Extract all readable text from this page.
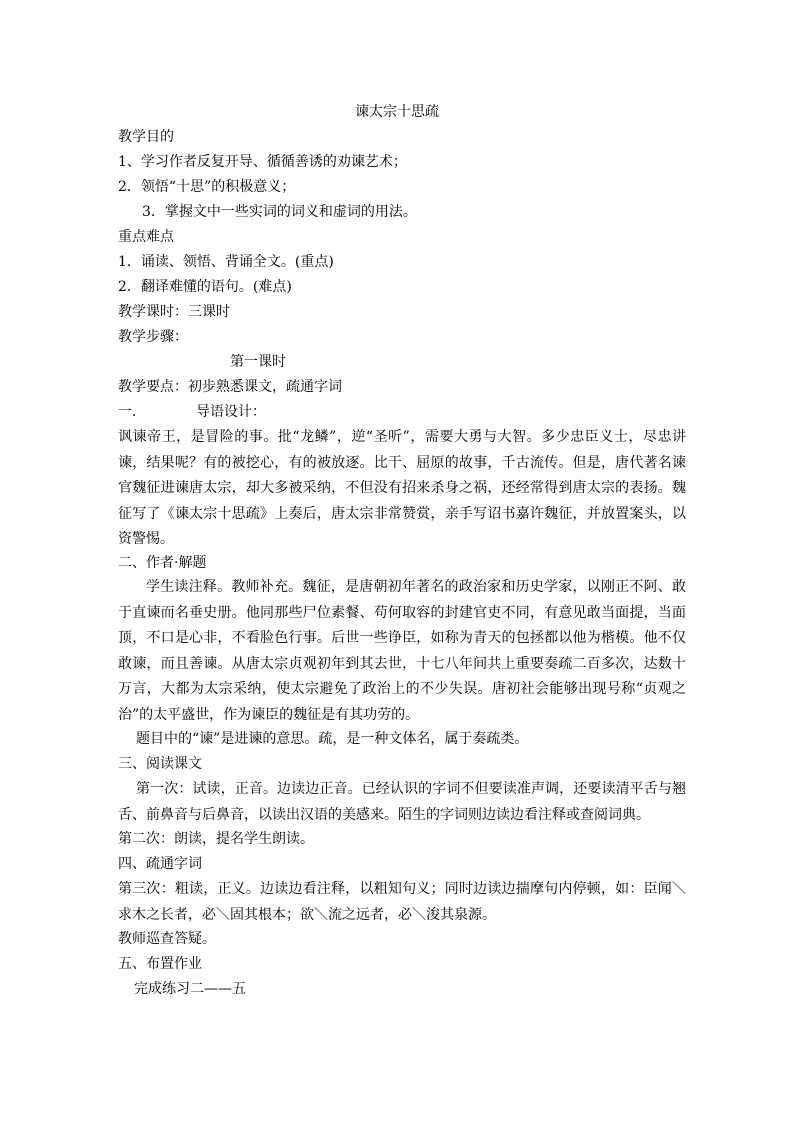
谏太宗十思疏
教学目的
1、学习作者反复开导、循循善诱的劝谏艺术；
2．领悟“十思”的积极意义；
3．掌握文中一些实词的词义和虚词的用法。
重点难点
1．诵读、领悟、背诵全文。(重点)
2．翻译难懂的语句。(难点)
教学课时：三课时
教学步骤：
第一课时
教学要点：初步熟悉课文，疏通字词
一．	导语设计：
讽谏帝王，是冒险的事。批“龙鳞”，逆“圣听”，需要大勇与大智。多少忠臣义士，尽忠讲谏，结果呢？有的被挖心，有的被放逐。比干、屈原的故事，千古流传。但是，唐代著名谏官魏征进谏唐太宗，却大多被采纳，不但没有招来杀身之祸，还经常得到唐太宗的表扬。魏征写了《谏太宗十思疏》上奏后，唐太宗非常赞赏，亲手写诏书嘉许魏征，并放置案头，以资警惕。
二、作者·解题
学生读注释。教师补充。魏征，是唐朝初年著名的政治家和历史学家，以刚正不阿、敢于直谏而名垂史册。他同那些尸位素餐、苟何取容的封建官吏不同，有意见敢当面提，当面顶，不口是心非，不看脸色行事。后世一些诤臣，如称为青天的包拯都以他为楷模。他不仅敢谏，而且善谏。从唐太宗贞观初年到其去世，十七八年间共上重要奏疏二百多次，达数十万言，大都为太宗采纳，使太宗避免了政治上的不少失误。唐初社会能够出现号称“贞观之治”的太平盛世，作为谏臣的魏征是有其功劳的。
题目中的“谏”是进谏的意思。疏，是一种文体名，属于奏疏类。
三、阅读课文
第一次：试读，正音。边读边正音。已经认识的字词不但要读准声调，还要读清平舌与翘舌、前鼻音与后鼻音，以读出汉语的美感来。陌生的字词则边读边看注释或查阅词典。
第二次：朗读，提名学生朗读。
四、疏通字词
第三次：粗读，正义。边读边看注释，以粗知句义；同时边读边揣摩句内停顿，如：臣闻＼求木之长者，必＼固其根本；欲＼流之远者，必＼浚其泉源。
教师巡查答疑。
五、布置作业
完成练习二——五
